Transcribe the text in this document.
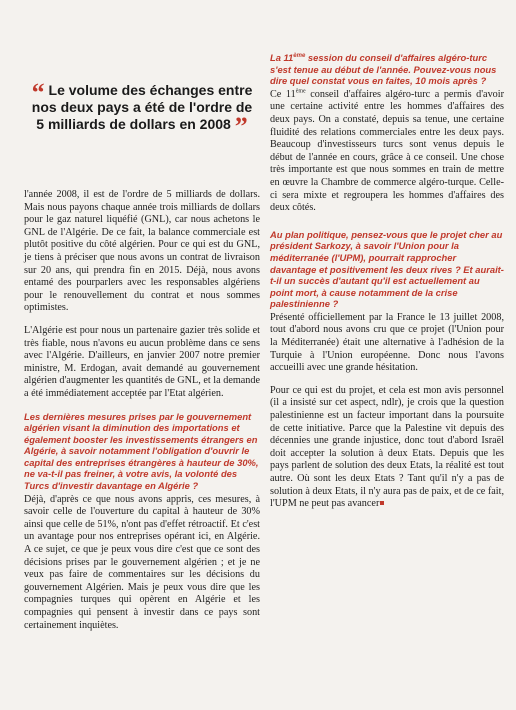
“ Le volume des échanges entre nos deux pays a été de l'ordre de 5 milliards de dollars en 2008 ”

l'année 2008, il est de l'ordre de 5 milliards de dollars. Mais nous payons chaque année trois milliards de dollars pour le gaz naturel liquéfié (GNL), car nous achetons le GNL de l'Algérie. De ce fait, la balance commerciale est plutôt positive du côté algérien. Pour ce qui est du GNL, je tiens à préciser que nous avons un contrat de livraison sur 20 ans, qui prendra fin en 2015. Déjà, nous avons entamé des pourparlers avec les responsables algériens pour le renouvellement du contrat et nous sommes optimistes.

L'Algérie est pour nous un partenaire gazier très solide et très fiable, nous n'avons eu aucun problème dans ce sens avec l'Algérie. D'ailleurs, en janvier 2007 notre premier ministre, M. Erdogan, avait demandé au gouvernement algérien d'augmenter les quantités de GNL, et la demande a été immédiatement acceptée par l'Etat algérien.

Les dernières mesures prises par le gouvernement algérien visant la diminution des importations et également booster les investissements étrangers en Algérie, à savoir notamment l'obligation d'ouvrir le capital des entreprises étrangères à hauteur de 30%, ne va-t-il pas freiner, à votre avis, la volonté des Turcs d'investir davantage en Algérie ?

Déjà, d'après ce que nous avons appris, ces mesures, à savoir celle de l'ouverture du capital à hauteur de 30% ainsi que celle de 51%, n'ont pas d'effet rétroactif. Et c'est un avantage pour nos entreprises opérant ici, en Algérie. A ce sujet, ce que je peux vous dire c'est que ce sont des décisions prises par le gouvernement algérien ; et je ne veux pas faire de commentaires sur les décisions du gouvernement Algérien. Mais je peux vous dire que les compagnies turques qui opèrent en Algérie et les compagnies qui pensent à investir dans ce pays sont certainement inquiètes.

La 11ème session du conseil d'affaires algéro-turc s'est tenue au début de l'année. Pouvez-vous nous dire quel constat vous en faites, 10 mois après ?

Ce 11ème conseil d'affaires algéro-turc a permis d'avoir une certaine activité entre les hommes d'affaires des deux pays. On a constaté, depuis sa tenue, une certaine fluidité des relations commerciales entre les deux pays. Beaucoup d'investisseurs turcs sont venus depuis le début de l'année en cours, grâce à ce conseil. Une chose très importante est que nous sommes en train de mettre en œuvre la Chambre de commerce algéro-turque. Celle-ci sera mixte et regroupera les hommes d'affaires des deux côtés.

Au plan politique, pensez-vous que le projet cher au président Sarkozy, à savoir l'Union pour la méditerranée (l'UPM), pourrait rapprocher davantage et positivement les deux rives ? Et aurait-t-il un succès d'autant qu'il est actuellement au point mort, à cause notamment de la crise palestinienne ?

Présenté officiellement par la France le 13 juillet 2008, tout d'abord nous avons cru que ce projet (l'Union pour la Méditerranée) était une alternative à l'adhésion de la Turquie à l'Union européenne. Donc nous l'avons accueilli avec une grande hésitation.

Pour ce qui est du projet, et cela est mon avis personnel (il a insisté sur cet aspect, ndlr), je crois que la question palestinienne est un facteur important dans la poursuite de cette initiative. Parce que la Palestine vit depuis des décennies une grande injustice, donc tout d'abord Israël doit accepter la solution à deux Etats. Depuis que les pays parlent de solution des deux Etats, la réalité est tout autre. Où sont les deux Etats ? Tant qu'il n'y a pas de solution à deux Etats, il n'y aura pas de paix, et de ce fait, l'UPM ne peut pas avancer
